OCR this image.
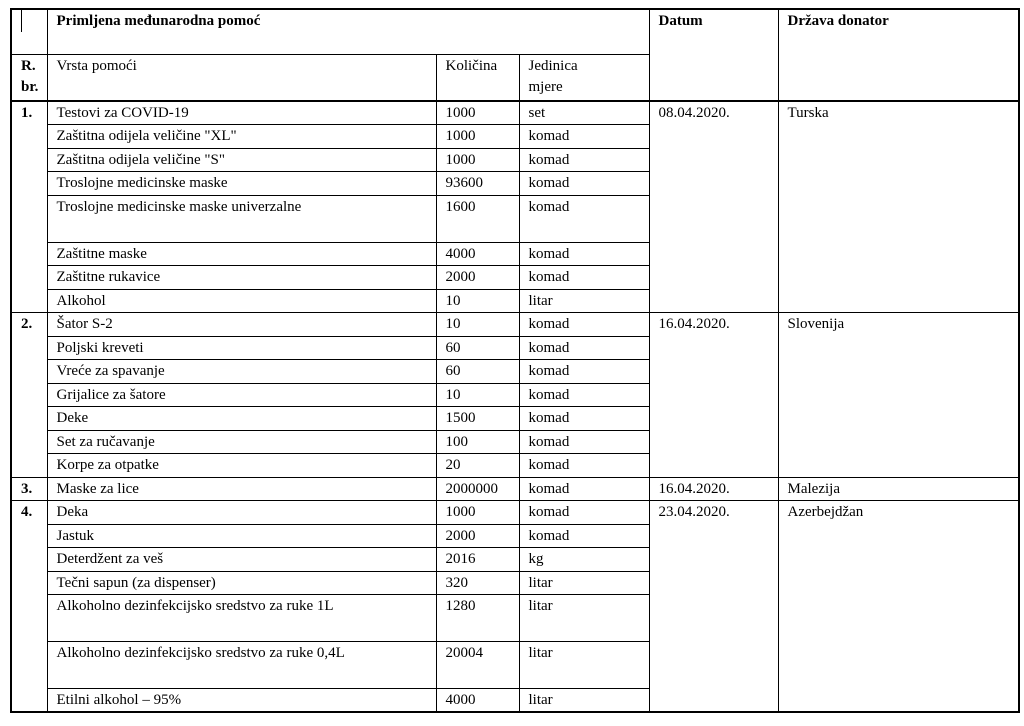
	Primljena međunarodna pomoć			Datum	Država donator
R. br.	Vrsta pomoći	Količina	Jedinica mjere		

1.	Testovi za COVID-19	1000	set	08.04.2020.	Turska
	Zaštitna odijela veličine "XL"	1000	komad		
	Zaštitna odijela veličine "S"	1000	komad		
	Troslojne medicinske maske	93600	komad		
	Troslojne medicinske maske univerzalne	1600	komad		
	Zaštitne maske	4000	komad		
	Zaštitne rukavice	2000	komad		
	Alkohol	10	litar		
2.	Šator S-2	10	komad	16.04.2020.	Slovenija
	Poljski kreveti	60	komad		
	Vreće za spavanje	60	komad		
	Grijalice za šatore	10	komad		
	Deke	1500	komad		
	Set za ručavanje	100	komad		
	Korpe za otpatke	20	komad		
3.	Maske za lice	2000000	komad	16.04.2020.	Malezija
4.	Deka	1000	komad	23.04.2020.	Azerbejdžan
	Jastuk	2000	komad		
	Deterdžent za veš	2016	kg		
	Tečni sapun (za dispenser)	320	litar		
	Alkoholno dezinfekcijsko sredstvo za ruke 1L	1280	litar		
	Alkoholno dezinfekcijsko sredstvo za ruke 0,4L	20004	litar		
	Etilni alkohol – 95%	4000	litar		
